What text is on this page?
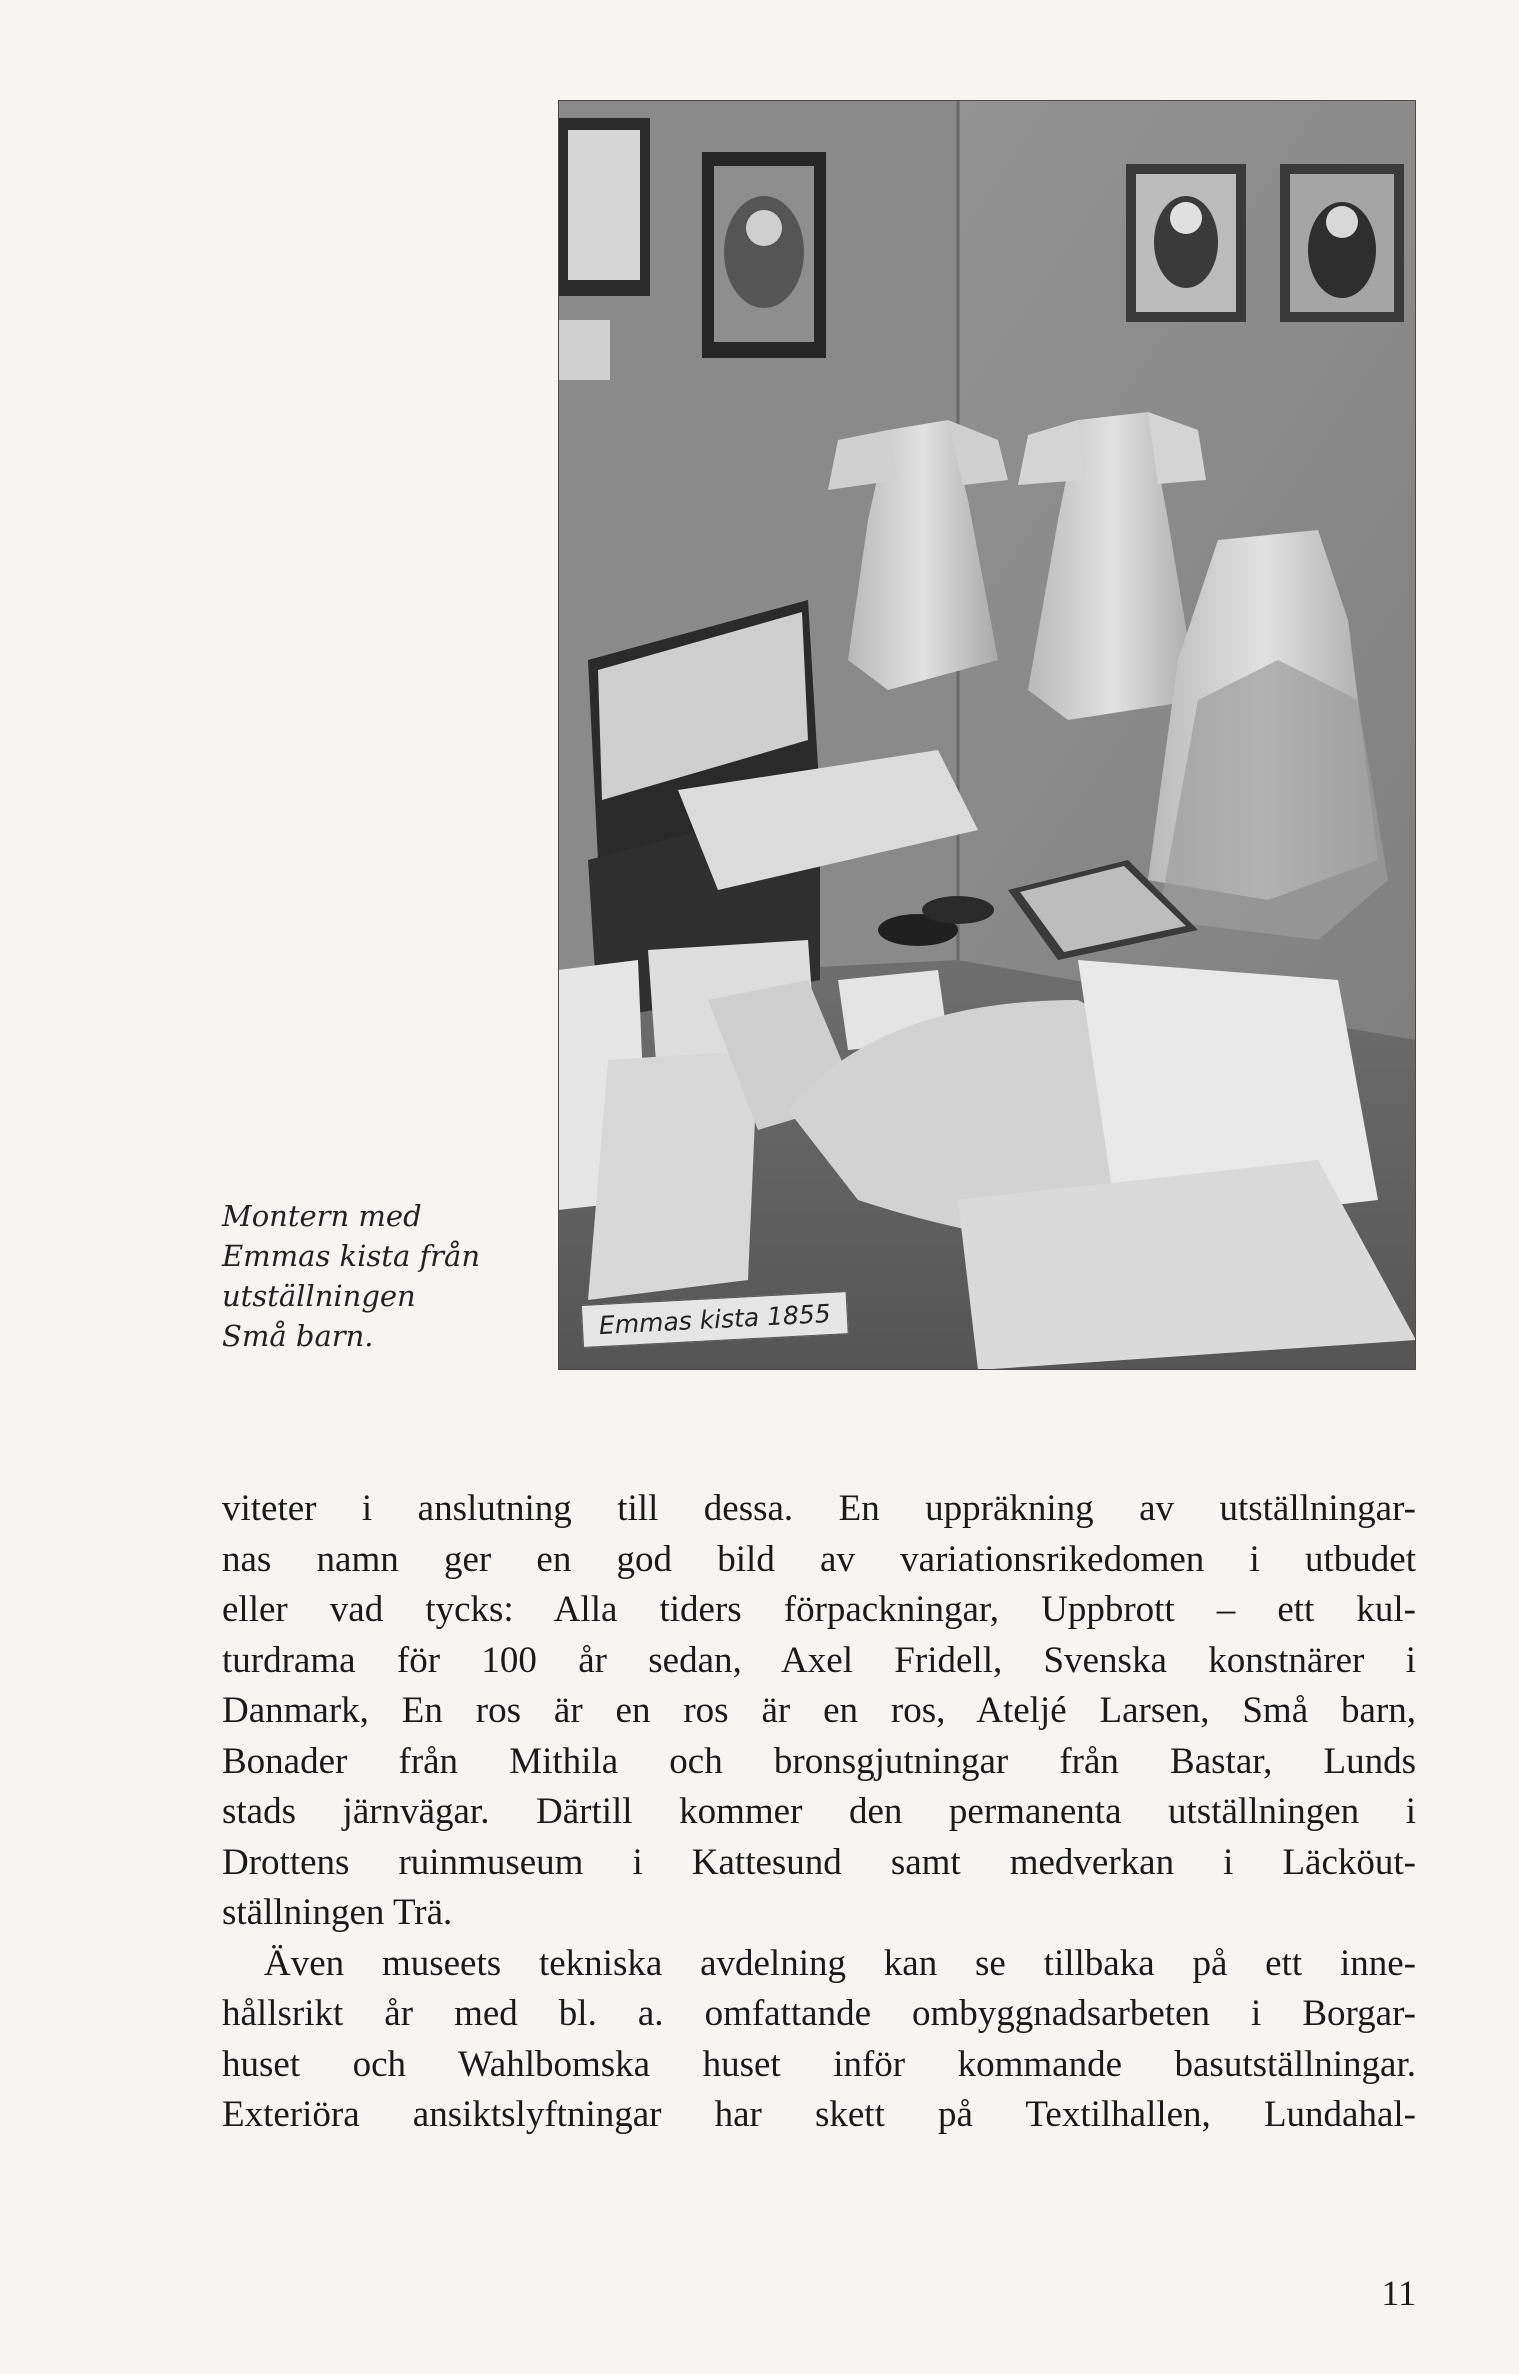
Emmas kista 1855
Montern med
Emmas kista från
utställningen
Små barn.
viteter i anslutning till dessa. En uppräkning av utställningar-
nas namn ger en god bild av variationsrikedomen i utbudet
eller vad tycks: Alla tiders förpackningar, Uppbrott – ett kul-
turdrama för 100 år sedan, Axel Fridell, Svenska konstnärer i
Danmark, En ros är en ros är en ros, Ateljé Larsen, Små barn,
Bonader från Mithila och bronsgjutningar från Bastar, Lunds
stads järnvägar. Därtill kommer den permanenta utställningen i
Drottens ruinmuseum i Kattesund samt medverkan i Läcköut-
ställningen Trä.
Även museets tekniska avdelning kan se tillbaka på ett inne-
hållsrikt år med bl. a. omfattande ombyggnadsarbeten i Borgar-
huset och Wahlbomska huset inför kommande basutställningar.
Exteriöra ansiktslyftningar har skett på Textilhallen, Lundahal-
11
